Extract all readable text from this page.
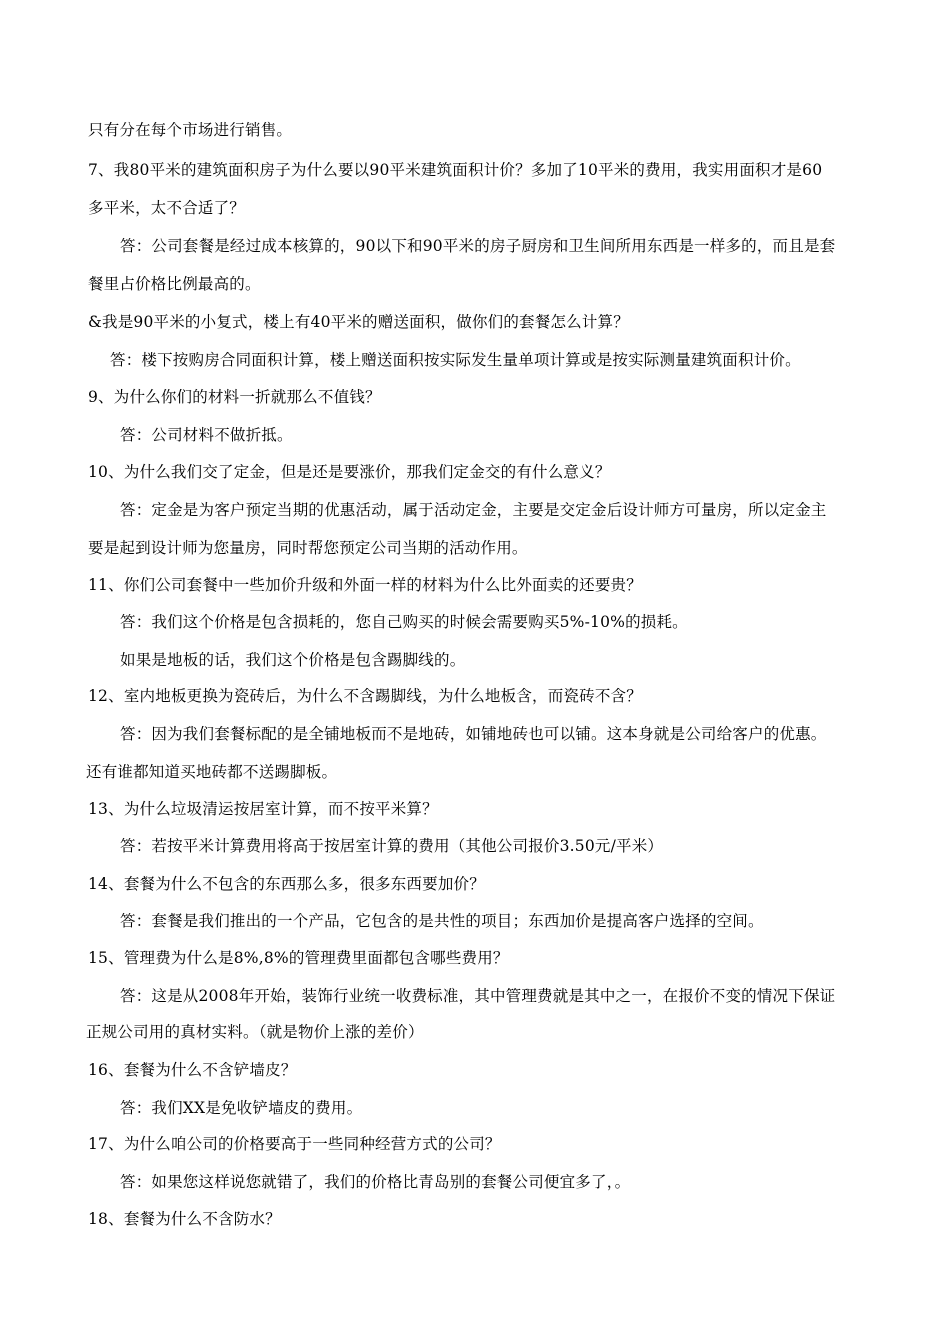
只有分在每个市场进行销售。
7、我80平米的建筑面积房子为什么要以90平米建筑面积计价？多加了10平米的费用，我实用面积才是60
多平米，太不合适了？
答：公司套餐是经过成本核算的，90以下和90平米的房子厨房和卫生间所用东西是一样多的，而且是套
餐里占价格比例最高的。
&我是90平米的小复式，楼上有40平米的赠送面积，做你们的套餐怎么计算？
答：楼下按购房合同面积计算，楼上赠送面积按实际发生量单项计算或是按实际测量建筑面积计价。
9、为什么你们的材料一折就那么不值钱？
答：公司材料不做折抵。
10、为什么我们交了定金，但是还是要涨价，那我们定金交的有什么意义？
答：定金是为客户预定当期的优惠活动，属于活动定金，主要是交定金后设计师方可量房，所以定金主
要是起到设计师为您量房，同时帮您预定公司当期的活动作用。
11、你们公司套餐中一些加价升级和外面一样的材料为什么比外面卖的还要贵？
答：我们这个价格是包含损耗的，您自己购买的时候会需要购买5%-10%的损耗。
如果是地板的话，我们这个价格是包含踢脚线的。
12、室内地板更换为瓷砖后，为什么不含踢脚线，为什么地板含，而瓷砖不含？
答：因为我们套餐标配的是全铺地板而不是地砖，如铺地砖也可以铺。这本身就是公司给客户的优惠。
还有谁都知道买地砖都不送踢脚板。
13、为什么垃圾清运按居室计算，而不按平米算？
答：若按平米计算费用将高于按居室计算的费用（其他公司报价3.50元/平米）
14、套餐为什么不包含的东西那么多，很多东西要加价？
答：套餐是我们推出的一个产品，它包含的是共性的项目；东西加价是提高客户选择的空间。
15、管理费为什么是8%,8%的管理费里面都包含哪些费用？
答：这是从2008年开始，装饰行业统一收费标准，其中管理费就是其中之一，在报价不变的情况下保证
正规公司用的真材实料。（就是物价上涨的差价）
16、套餐为什么不含铲墙皮？
答：我们XX是免收铲墙皮的费用。
17、为什么咱公司的价格要高于一些同种经营方式的公司？
答：如果您这样说您就错了，我们的价格比青岛别的套餐公司便宜多了，。
18、套餐为什么不含防水？
